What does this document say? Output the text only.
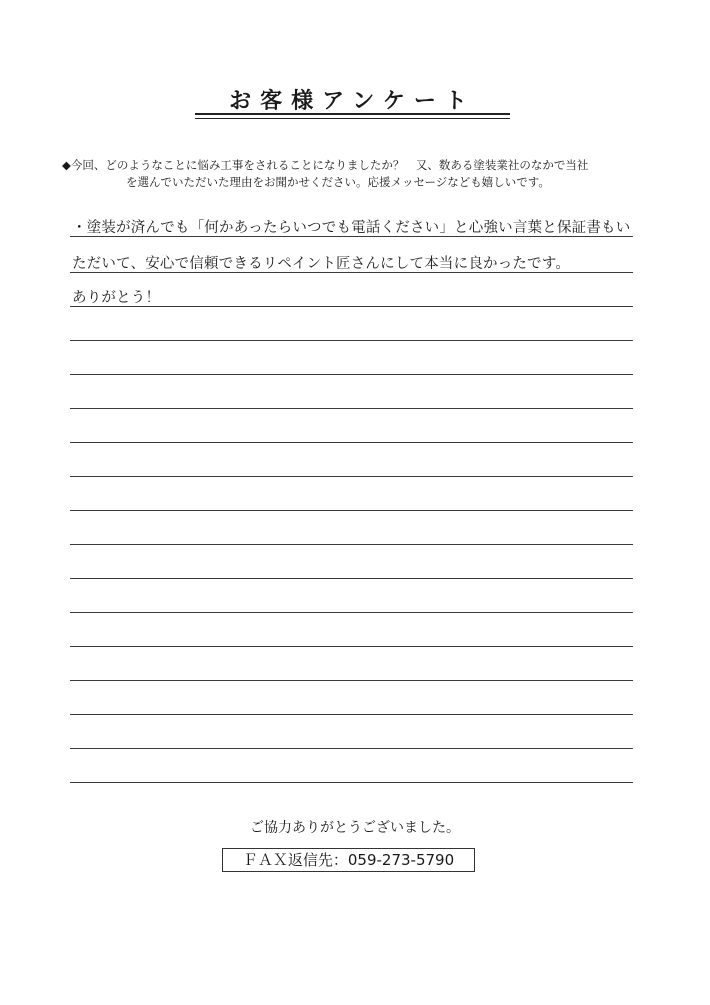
お客様アンケート
◆今回、どのようなことに悩み工事をされることになりましたか？　又、数ある塗装業社のなかで当社
を選んでいただいた理由をお聞かせください。応援メッセージなども嬉しいです。
・塗装が済んでも「何かあったらいつでも電話ください」と心強い言葉と保証書もい
ただいて、安心で信頼できるリペイント匠さんにして本当に良かったです。
ありがとう！
ご協力ありがとうございました。
ＦＡＸ返信先：059-273-5790
